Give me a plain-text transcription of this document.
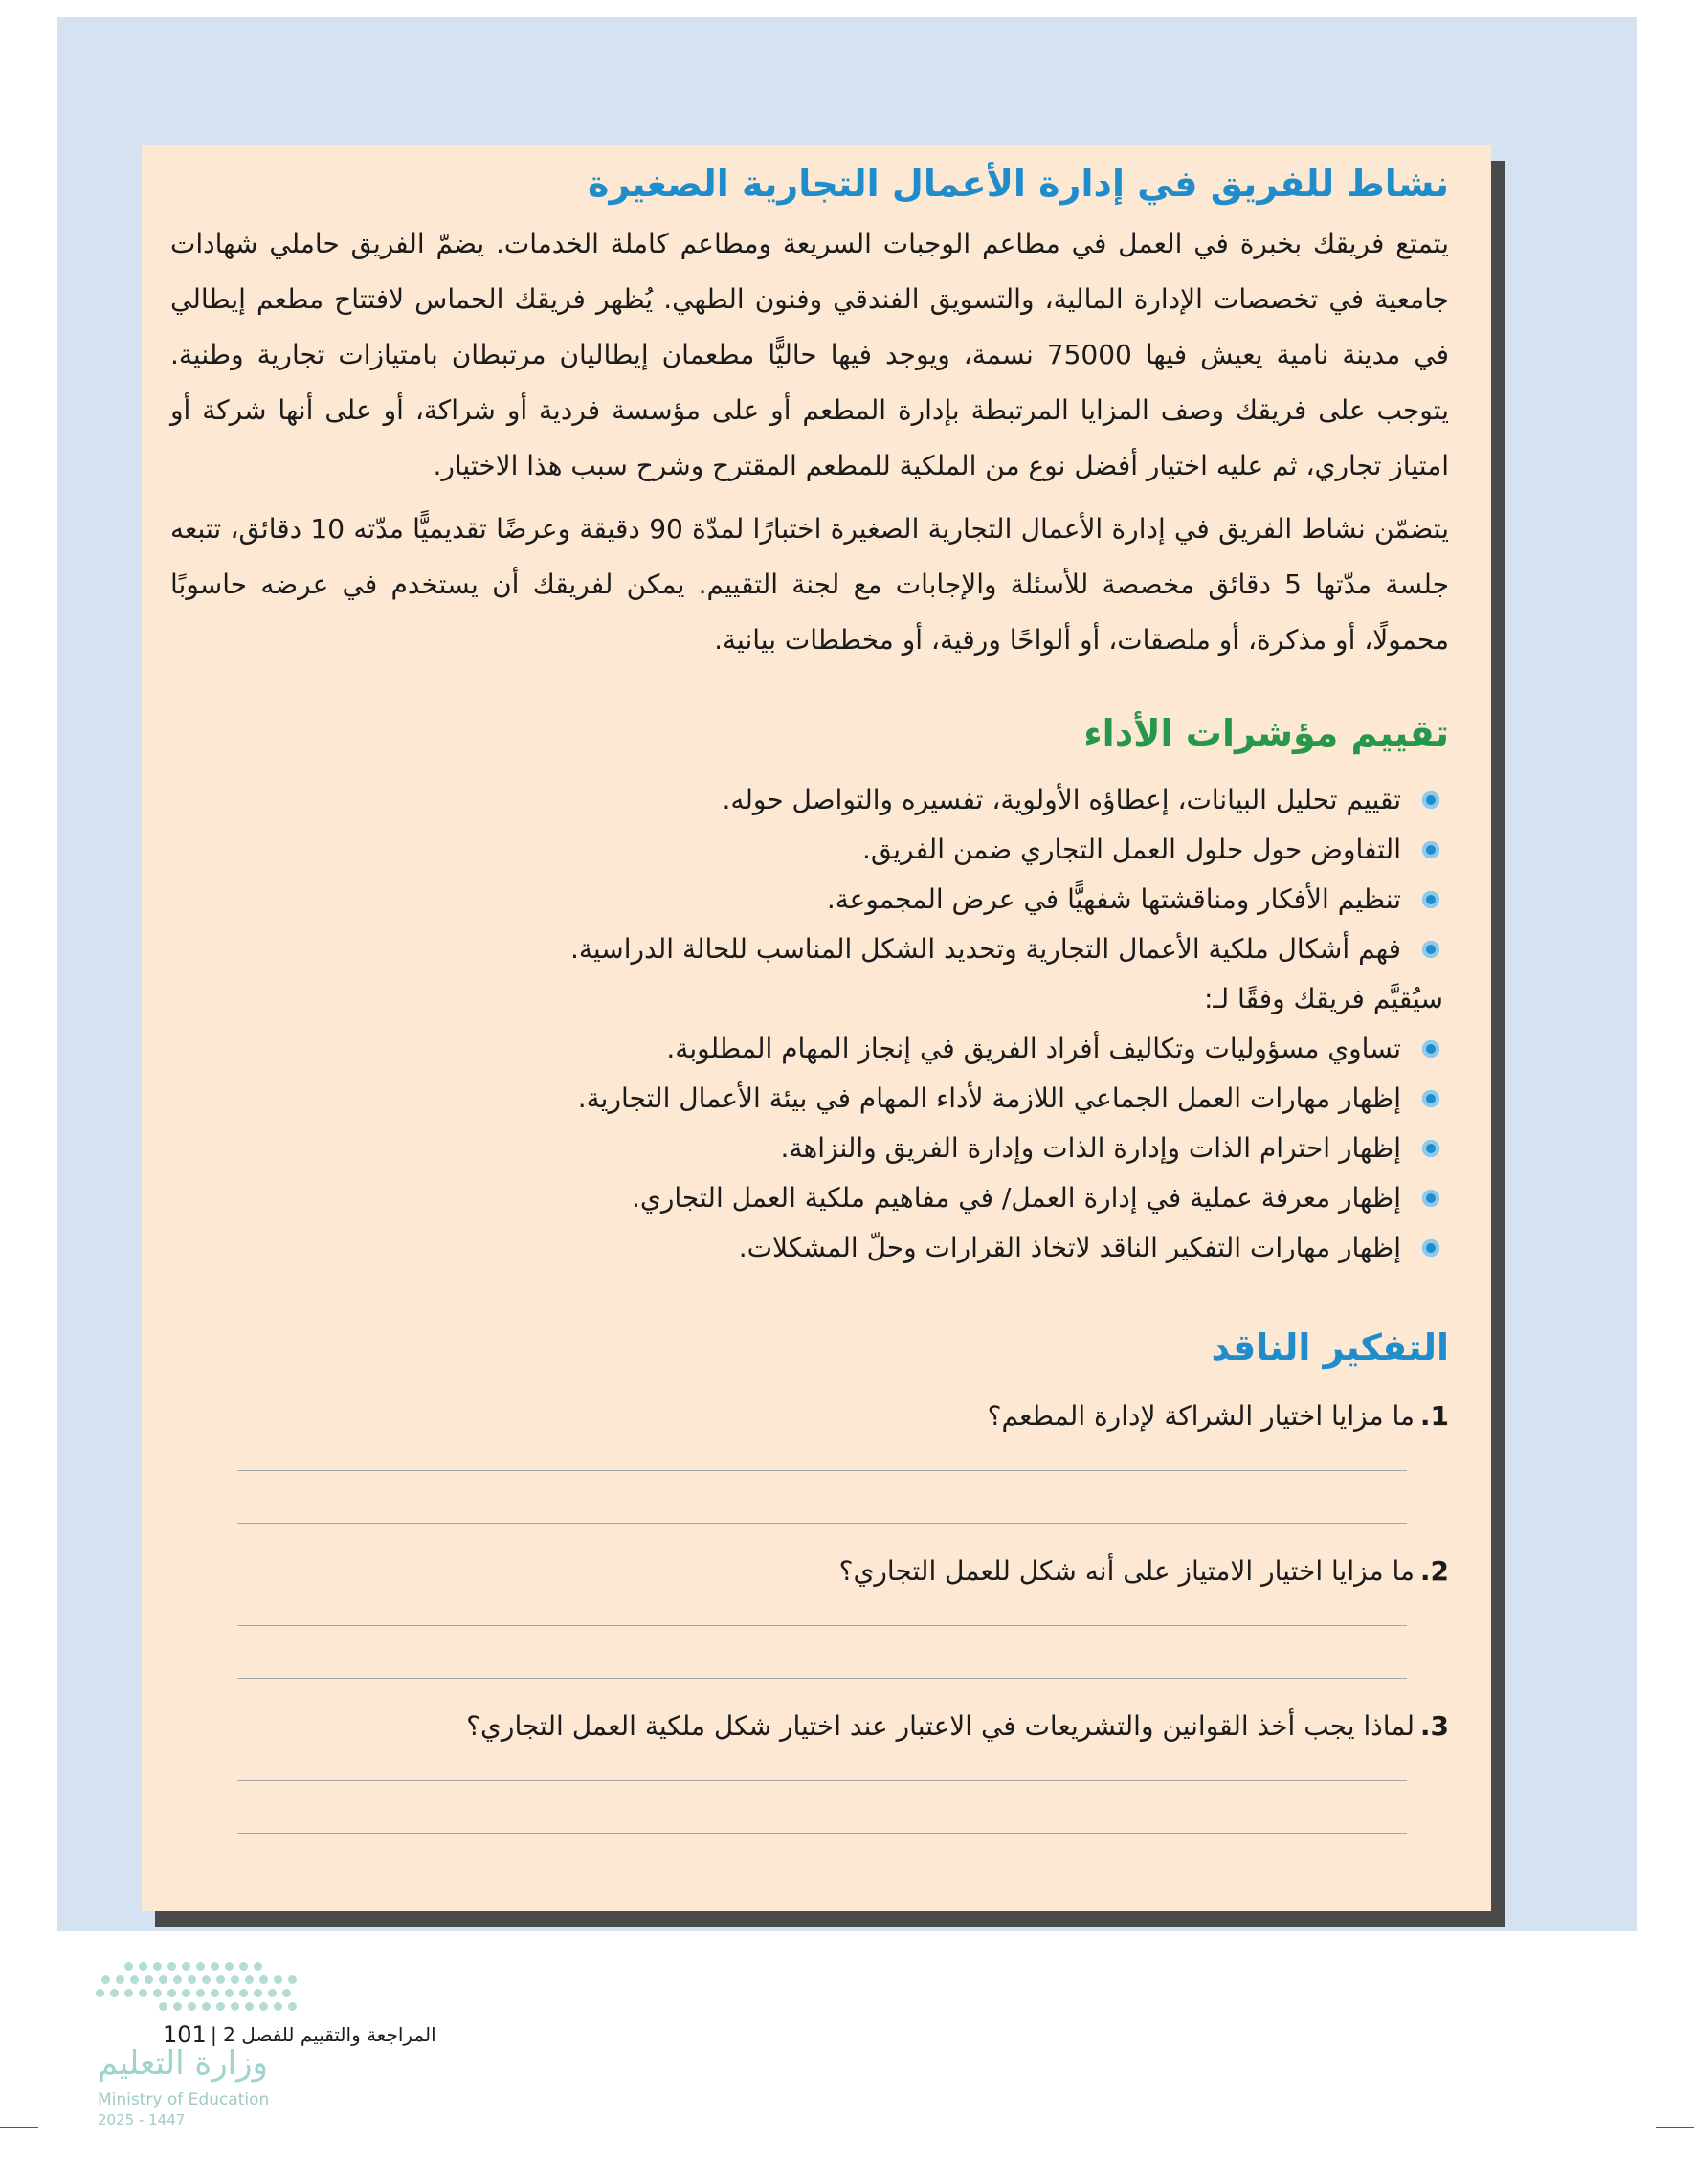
نشاط للفريق في إدارة الأعمال التجارية الصغيرة

يتمتع فريقك بخبرة في العمل في مطاعم الوجبات السريعة ومطاعم كاملة الخدمات. يضمّ الفريق حاملي شهادات جامعية في تخصصات الإدارة المالية، والتسويق الفندقي وفنون الطهي. يُظهر فريقك الحماس لافتتاح مطعم إيطالي في مدينة نامية يعيش فيها 75000 نسمة، ويوجد فيها حاليًّا مطعمان إيطاليان مرتبطان بامتيازات تجارية وطنية. يتوجب على فريقك وصف المزايا المرتبطة بإدارة المطعم أو على مؤسسة فردية أو شراكة، أو على أنها شركة أو امتياز تجاري، ثم عليه اختيار أفضل نوع من الملكية للمطعم المقترح وشرح سبب هذا الاختيار.

يتضمّن نشاط الفريق في إدارة الأعمال التجارية الصغيرة اختبارًا لمدّة 90 دقيقة وعرضًا تقديميًّا مدّته 10 دقائق، تتبعه جلسة مدّتها 5 دقائق مخصصة للأسئلة والإجابات مع لجنة التقييم. يمكن لفريقك أن يستخدم في عرضه حاسوبًا محمولًا، أو مذكرة، أو ملصقات، أو ألواحًا ورقية، أو مخططات بيانية.

تقييم مؤشرات الأداء
تقييم تحليل البيانات، إعطاؤه الأولوية، تفسيره والتواصل حوله.
التفاوض حول حلول العمل التجاري ضمن الفريق.
تنظيم الأفكار ومناقشتها شفهيًّا في عرض المجموعة.
فهم أشكال ملكية الأعمال التجارية وتحديد الشكل المناسب للحالة الدراسية.
سيُقيَّم فريقك وفقًا لـ:
تساوي مسؤوليات وتكاليف أفراد الفريق في إنجاز المهام المطلوبة.
إظهار مهارات العمل الجماعي اللازمة لأداء المهام في بيئة الأعمال التجارية.
إظهار احترام الذات وإدارة الذات وإدارة الفريق والنزاهة.
إظهار معرفة عملية في إدارة العمل/ في مفاهيم ملكية العمل التجاري.
إظهار مهارات التفكير الناقد لاتخاذ القرارات وحلّ المشكلات.
التفكير الناقد
1.
ما مزايا اختيار الشراكة لإدارة المطعم؟
2.
ما مزايا اختيار الامتياز على أنه شكل للعمل التجاري؟
3.
لماذا يجب أخذ القوانين والتشريعات في الاعتبار عند اختيار شكل ملكية العمل التجاري؟
101 المراجعة والتقييم للفصل 2 |
وزارة التعليم
Ministry of Education
2025 - 1447
